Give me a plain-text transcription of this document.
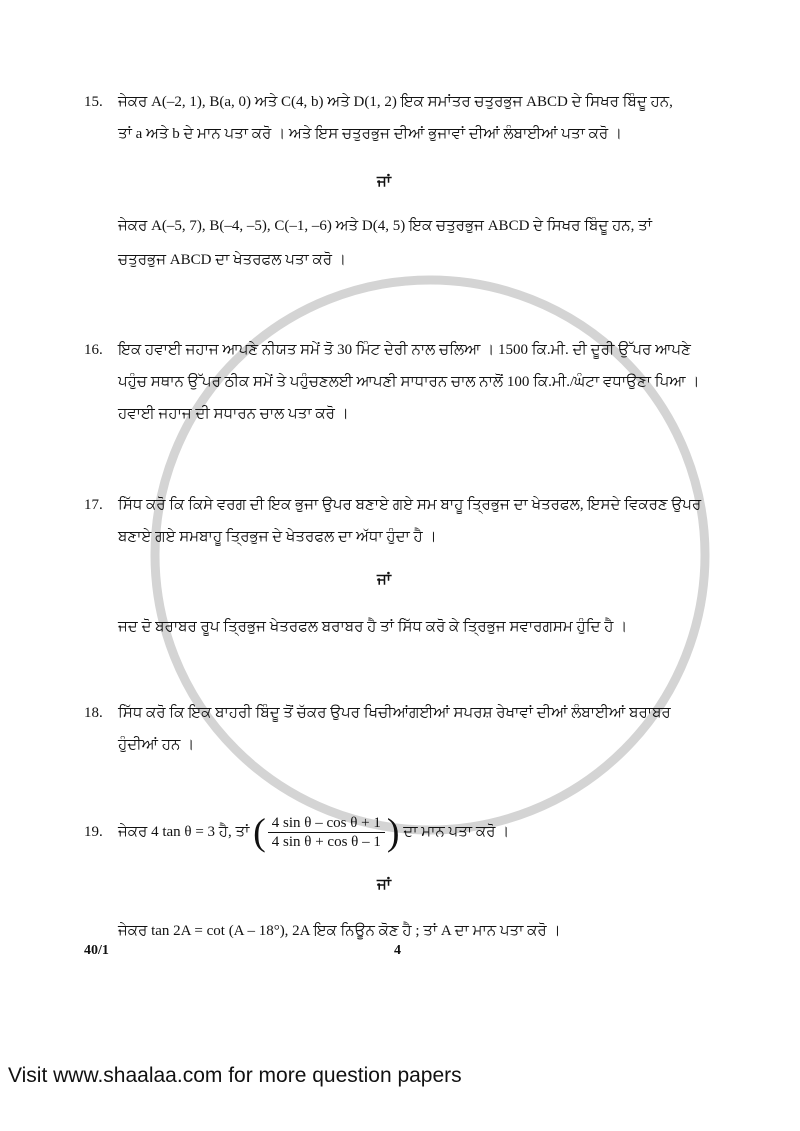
15. ਜੇਕਰ A(–2, 1), B(a, 0) ਅਤੇ C(4, b) ਅਤੇ D(1, 2) ਇਕ ਸਮਾਂਤਰ ਚਤੁਰਭੁਜ ABCD ਦੇ ਸਿਖਰ ਬਿੰਦੂ ਹਨ,
ਤਾਂ a ਅਤੇ b ਦੇ ਮਾਨ ਪਤਾ ਕਰੋ । ਅਤੇ ਇਸ ਚਤੁਰਭੁਜ ਦੀਆਂ ਭੁਜਾਵਾਂ ਦੀਆਂ ਲੰਬਾਈਆਂ ਪਤਾ ਕਰੋ ।
ਜਾਂ
ਜੇਕਰ A(–5, 7), B(–4, –5), C(–1, –6) ਅਤੇ D(4, 5) ਇਕ ਚਤੁਰਭੁਜ ABCD ਦੇ ਸਿਖਰ ਬਿੰਦੂ ਹਨ, ਤਾਂ
ਚਤੁਰਭੁਜ ABCD ਦਾ ਖੇਤਰਫਲ ਪਤਾ ਕਰੋ ।
16. ਇਕ ਹਵਾਈ ਜਹਾਜ ਆਪਣੇ ਨੀਯਤ ਸਮੇਂ ਤੋ 30 ਮਿੰਟ ਦੇਰੀ ਨਾਲ ਚਲਿਆ । 1500 ਕਿ.ਮੀ. ਦੀ ਦੂਰੀ ਉੱਪਰ ਆਪਣੇ
ਪਹੁੰਚ ਸਥਾਨ ਉੱਪਰ ਠੀਕ ਸਮੇਂ ਤੇ ਪਹੁੰਚਣਲਈ ਆਪਣੀ ਸਾਧਾਰਨ ਚਾਲ ਨਾਲੋਂ 100 ਕਿ.ਮੀ./ਘੰਟਾ ਵਧਾਉਣਾ ਪਿਆ ।
ਹਵਾਈ ਜਹਾਜ ਦੀ ਸਧਾਰਨ ਚਾਲ ਪਤਾ ਕਰੋ ।
17. ਸਿੱਧ ਕਰੋ ਕਿ ਕਿਸੇ ਵਰਗ ਦੀ ਇਕ ਭੁਜਾ ਉਪਰ ਬਣਾਏ ਗਏ ਸਮ ਬਾਹੂ ਤ੍ਰਿਭੁਜ ਦਾ ਖੇਤਰਫਲ, ਇਸਦੇ ਵਿਕਰਣ ਉਪਰ
ਬਣਾਏ ਗਏ ਸਮਬਾਹੂ ਤ੍ਰਿਭੁਜ ਦੇ ਖੇਤਰਫਲ ਦਾ ਅੱਧਾ ਹੁੰਦਾ ਹੈ ।
ਜਾਂ
ਜਦ ਦੋ ਬਰਾਬਰ ਰੂਪ ਤ੍ਰਿਭੁਜ ਖੇਤਰਫਲ ਬਰਾਬਰ ਹੈ ਤਾਂ ਸਿੱਧ ਕਰੋ ਕੇ ਤ੍ਰਿਭੁਜ ਸਵਾਰਗਸਮ ਹੁੰਦਿ ਹੈ ।
18. ਸਿੱਧ ਕਰੋ ਕਿ ਇਕ ਬਾਹਰੀ ਬਿੰਦੂ ਤੋਂ ਚੱਕਰ ਉਪਰ ਖਿਚੀਆਂਗਈਆਂ ਸਪਰਸ਼ ਰੇਖਾਵਾਂ ਦੀਆਂ ਲੰਬਾਈਆਂ ਬਰਾਬਰ
ਹੁੰਦੀਆਂ ਹਨ ।
19. ਜੇਕਰ 4 tan θ = 3 ਹੈ, ਤਾਂ ( $\frac{\text{4 sin θ – cos θ + 1}}{\text{4 sin θ + cos θ – 1}}$ ) ਦਾ ਮਾਨ ਪਤਾ ਕਰੋ ।
ਜਾਂ
ਜੇਕਰ tan 2A = cot (A – 18°), 2A ਇਕ ਨਿਊਨ ਕੋਣ ਹੈ ; ਤਾਂ A ਦਾ ਮਾਨ ਪਤਾ ਕਰੋ ।
40/1	4
Visit www.shaalaa.com for more question papers
